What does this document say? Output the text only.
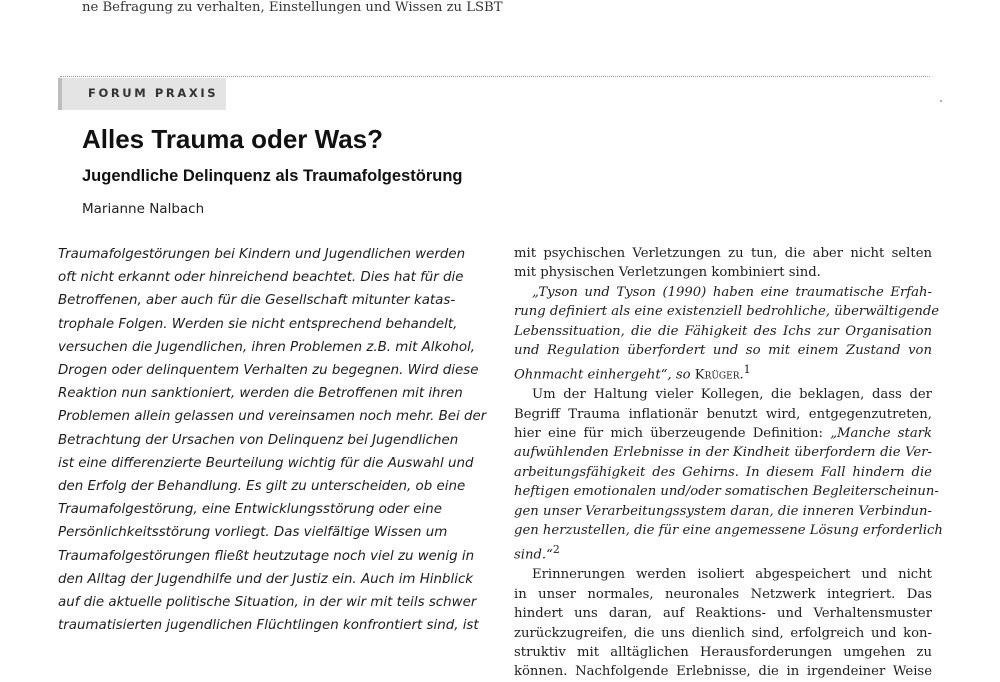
ne Befragung zu verhalten, Einstellungen und Wissen zu LSBT

FORUM PRAXIS
Alles Trauma oder Was?
Jugendliche Delinquenz als Traumafolgestörung

Marianne Nalbach

Traumafolgestörungen bei Kindern und Jugendlichen werden
oft nicht erkannt oder hinreichend beachtet. Dies hat für die
Betroffenen, aber auch für die Gesellschaft mitunter katas-
trophale Folgen. Werden sie nicht entsprechend behandelt,
versuchen die Jugendlichen, ihren Problemen z.B. mit Alkohol,
Drogen oder delinquentem Verhalten zu begegnen. Wird diese
Reaktion nun sanktioniert, werden die Betroffenen mit ihren
Problemen allein gelassen und vereinsamen noch mehr. Bei der
Betrachtung der Ursachen von Delinquenz bei Jugendlichen
ist eine differenzierte Beurteilung wichtig für die Auswahl und
den Erfolg der Behandlung. Es gilt zu unterscheiden, ob eine
Traumafolgestörung, eine Entwicklungsstörung oder eine
Persönlichkeitsstörung vorliegt. Das vielfältige Wissen um
Traumafolgestörungen fließt heutzutage noch viel zu wenig in
den Alltag der Jugendhilfe und der Justiz ein. Auch im Hinblick
auf die aktuelle politische Situation, in der wir mit teils schwer
traumatisierten jugendlichen Flüchtlingen konfrontiert sind, ist
mit psychischen Verletzungen zu tun, die aber nicht selten
mit physischen Verletzungen kombiniert sind.
„Tyson und Tyson (1990) haben eine traumatische Erfah-
rung definiert als eine existenziell bedrohliche, überwältigende
Lebenssituation, die die Fähigkeit des Ichs zur Organisation
und Regulation überfordert und so mit einem Zustand von
Ohnmacht einhergeht“, so Krüger.$^1$
Um der Haltung vieler Kollegen, die beklagen, dass der
Begriff Trauma inflationär benutzt wird, entgegenzutreten,
hier eine für mich überzeugende Definition: „Manche stark
aufwühlenden Erlebnisse in der Kindheit überfordern die Ver-
arbeitungsfähigkeit des Gehirns. In diesem Fall hindern die
heftigen emotionalen und/oder somatischen Begleiterscheinun-
gen unser Verarbeitungssystem daran, die inneren Verbindun-
gen herzustellen, die für eine angemessene Lösung erforderlich
sind.“$^2$
Erinnerungen werden isoliert abgespeichert und nicht
in unser normales, neuronales Netzwerk integriert. Das
hindert uns daran, auf Reaktions- und Verhaltensmuster
zurückzugreifen, die uns dienlich sind, erfolgreich und kon-
struktiv mit alltäglichen Herausforderungen umgehen zu
können. Nachfolgende Erlebnisse, die in irgendeiner Weise
